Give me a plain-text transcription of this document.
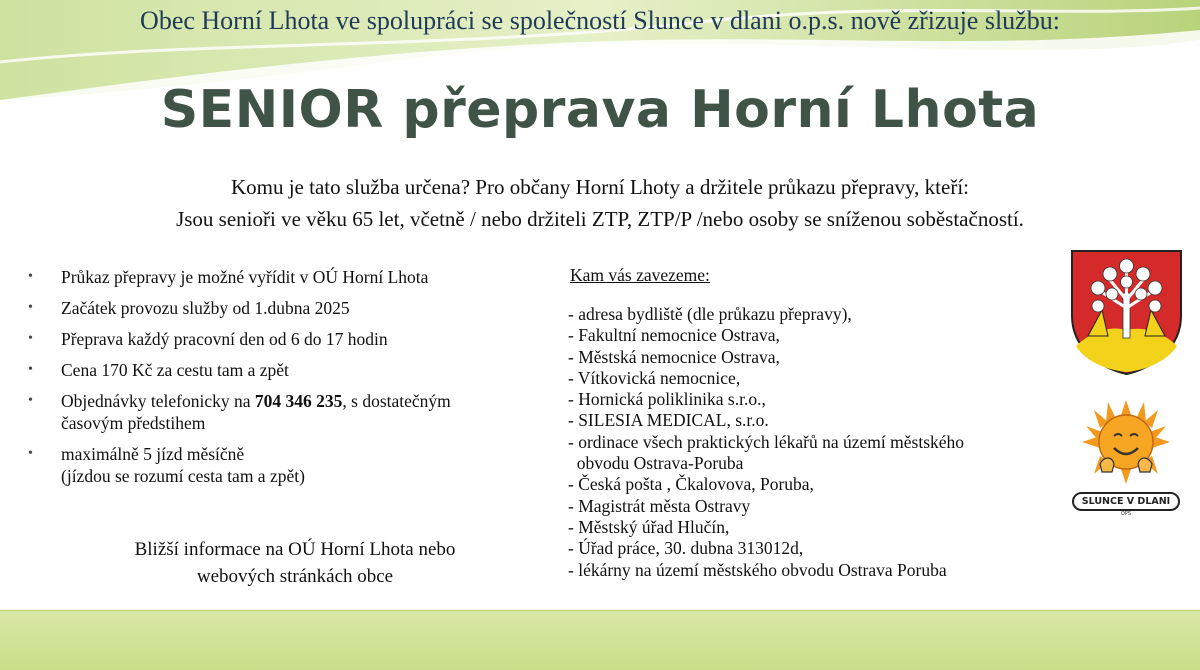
Obec Horní Lhota ve spolupráci se společností Slunce v dlani o.p.s. nově zřizuje službu:
SENIOR přeprava Horní Lhota
Komu je tato služba určena? Pro občany Horní Lhoty a držitele průkazu přepravy, kteří:
Jsou senioři ve věku 65 let, včetně / nebo držiteli ZTP, ZTP/P /nebo osoby se sníženou soběstačností.
• Průkaz přepravy je možné vyřídit v OÚ Horní Lhota
• Začátek provozu služby od 1.dubna 2025
• Přeprava každý pracovní den od 6 do 17 hodin
• Cena 170 Kč za cestu tam a zpět
• Objednávky telefonicky na 704 346 235, s dostatečným
časovým předstihem
• maximálně 5 jízd měsíčně
(jízdou se rozumí cesta tam a zpět)
Bližší informace na OÚ Horní Lhota nebo
webových stránkách obce
Kam vás zavezeme:
- adresa bydliště (dle průkazu přepravy),
- Fakultní nemocnice Ostrava,
- Městská nemocnice Ostrava,
- Vítkovická nemocnice,
- Hornická poliklinika s.r.o.,
- SILESIA MEDICAL, s.r.o.
- ordinace všech praktických lékařů na území městského
obvodu Ostrava-Poruba
- Česká pošta , Čkalovova, Poruba,
- Magistrát města Ostravy
- Městský úřad Hlučín,
- Úřad práce, 30. dubna 313012d,
- lékárny na území městského obvodu Ostrava Poruba
SLUNCE V DLANI
OPS
